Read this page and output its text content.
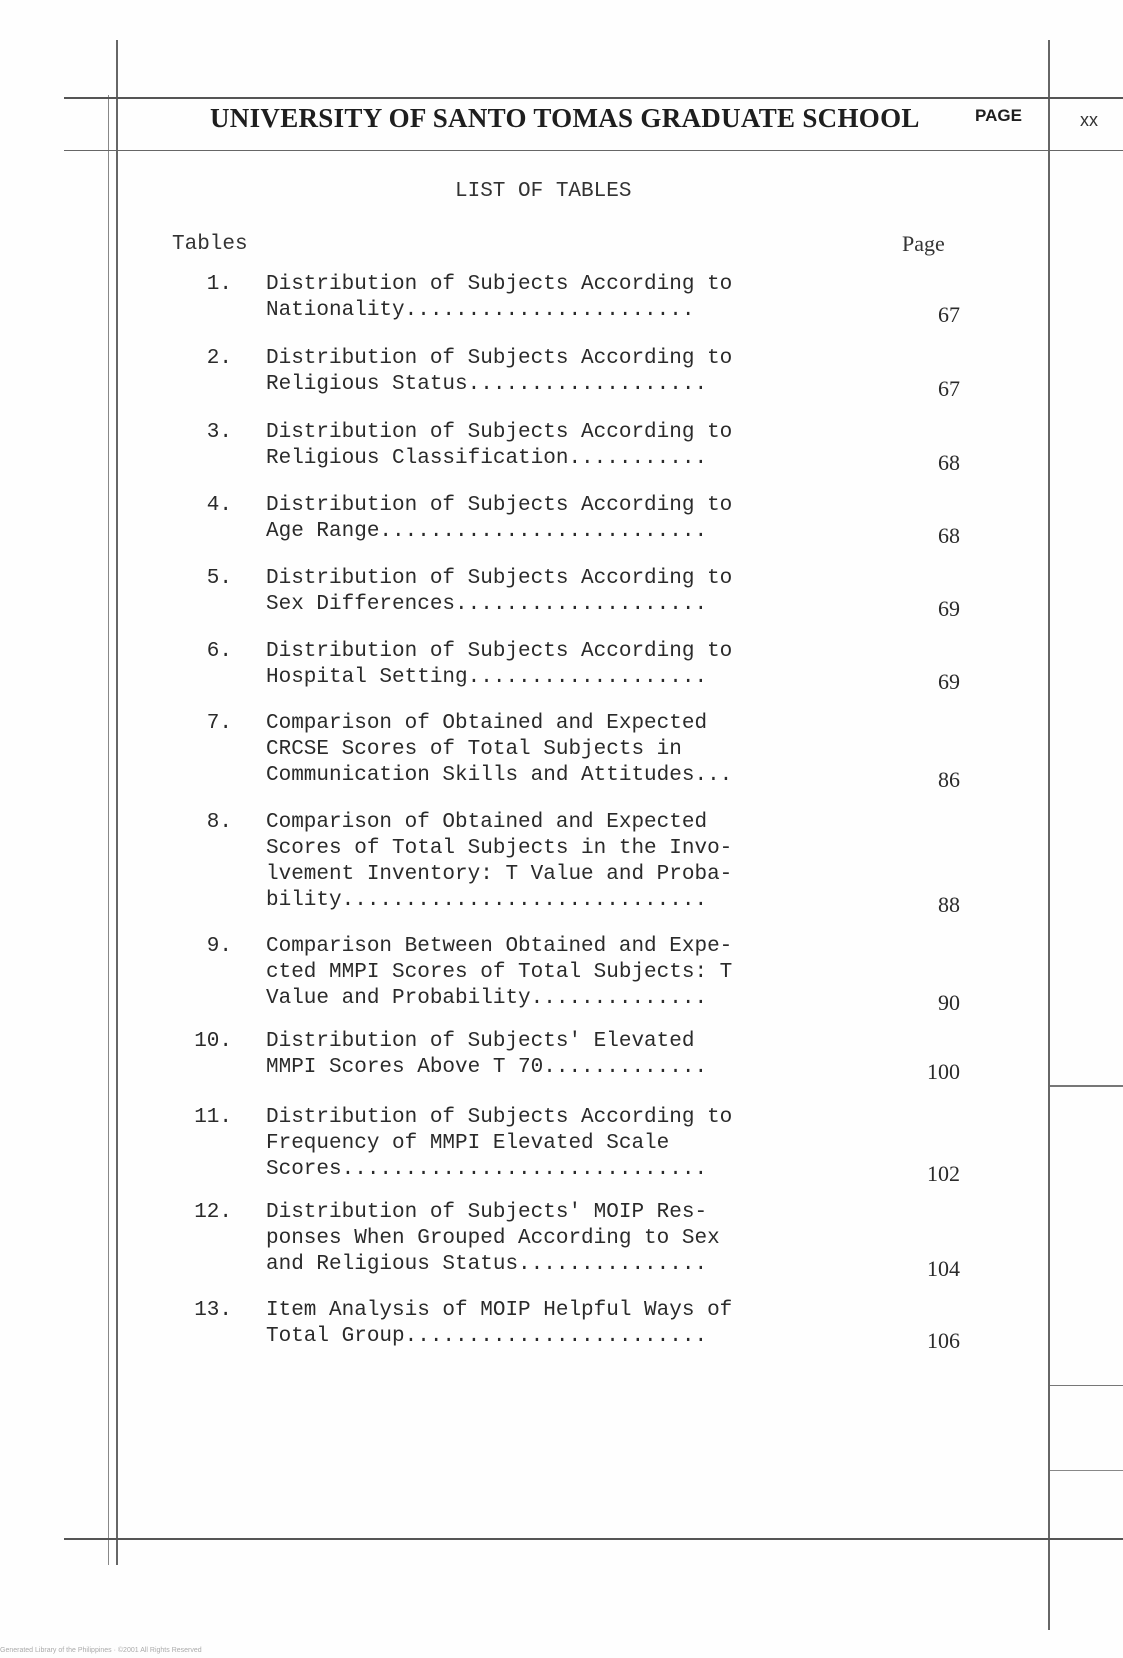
UNIVERSITY OF SANTO TOMAS GRADUATE SCHOOL	PAGE	xx
LIST OF TABLES
Tables	Page
1. Distribution of Subjects According to
Nationality.......................	67
2. Distribution of Subjects According to
Religious Status...................	67
3. Distribution of Subjects According to
Religious Classification...........	68
4. Distribution of Subjects According to
Age Range..........................	68
5. Distribution of Subjects According to
Sex Differences....................	69
6. Distribution of Subjects According to
Hospital Setting...................	69
7. Comparison of Obtained and Expected
CRCSE Scores of Total Subjects in
Communication Skills and Attitudes...	86
8. Comparison of Obtained and Expected
Scores of Total Subjects in the Invo-
lvement Inventory: T Value and Proba-
bility.............................	88
9. Comparison Between Obtained and Expe-
cted MMPI Scores of Total Subjects: T
Value and Probability..............	90
10. Distribution of Subjects' Elevated
MMPI Scores Above T 70.............	100
11. Distribution of Subjects According to
Frequency of MMPI Elevated Scale
Scores.............................	102
12. Distribution of Subjects' MOIP Res-
ponses When Grouped According to Sex
and Religious Status...............	104
13. Item Analysis of MOIP Helpful Ways of
Total Group........................	106
Generated Library of the Philippines · ©2001 All Rights Reserved
